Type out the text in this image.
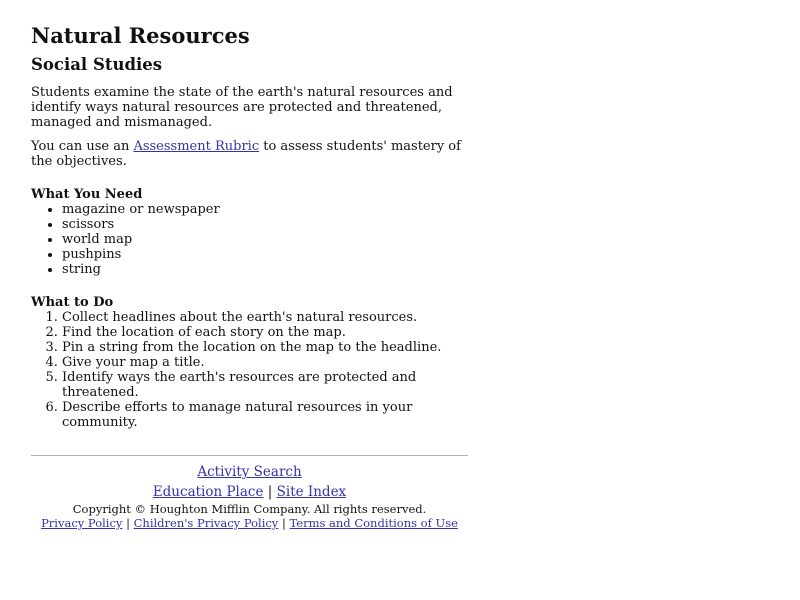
Natural Resources
Social Studies

Students examine the state of the earth's natural resources and identify ways natural resources are protected and threatened, managed and mismanaged.

You can use an Assessment Rubric to assess students' mastery of the objectives.

What You Need
• magazine or newspaper
• scissors
• world map
• pushpins
• string
What to Do
1. Collect headlines about the earth's natural resources.
2. Find the location of each story on the map.
3. Pin a string from the location on the map to the headline.
4. Give your map a title.
5. Identify ways the earth's resources are protected and threatened.
6. Describe efforts to manage natural resources in your community.
Activity Search
Education Place | Site Index
Copyright © Houghton Mifflin Company. All rights reserved.
Privacy Policy | Children's Privacy Policy | Terms and Conditions of Use
